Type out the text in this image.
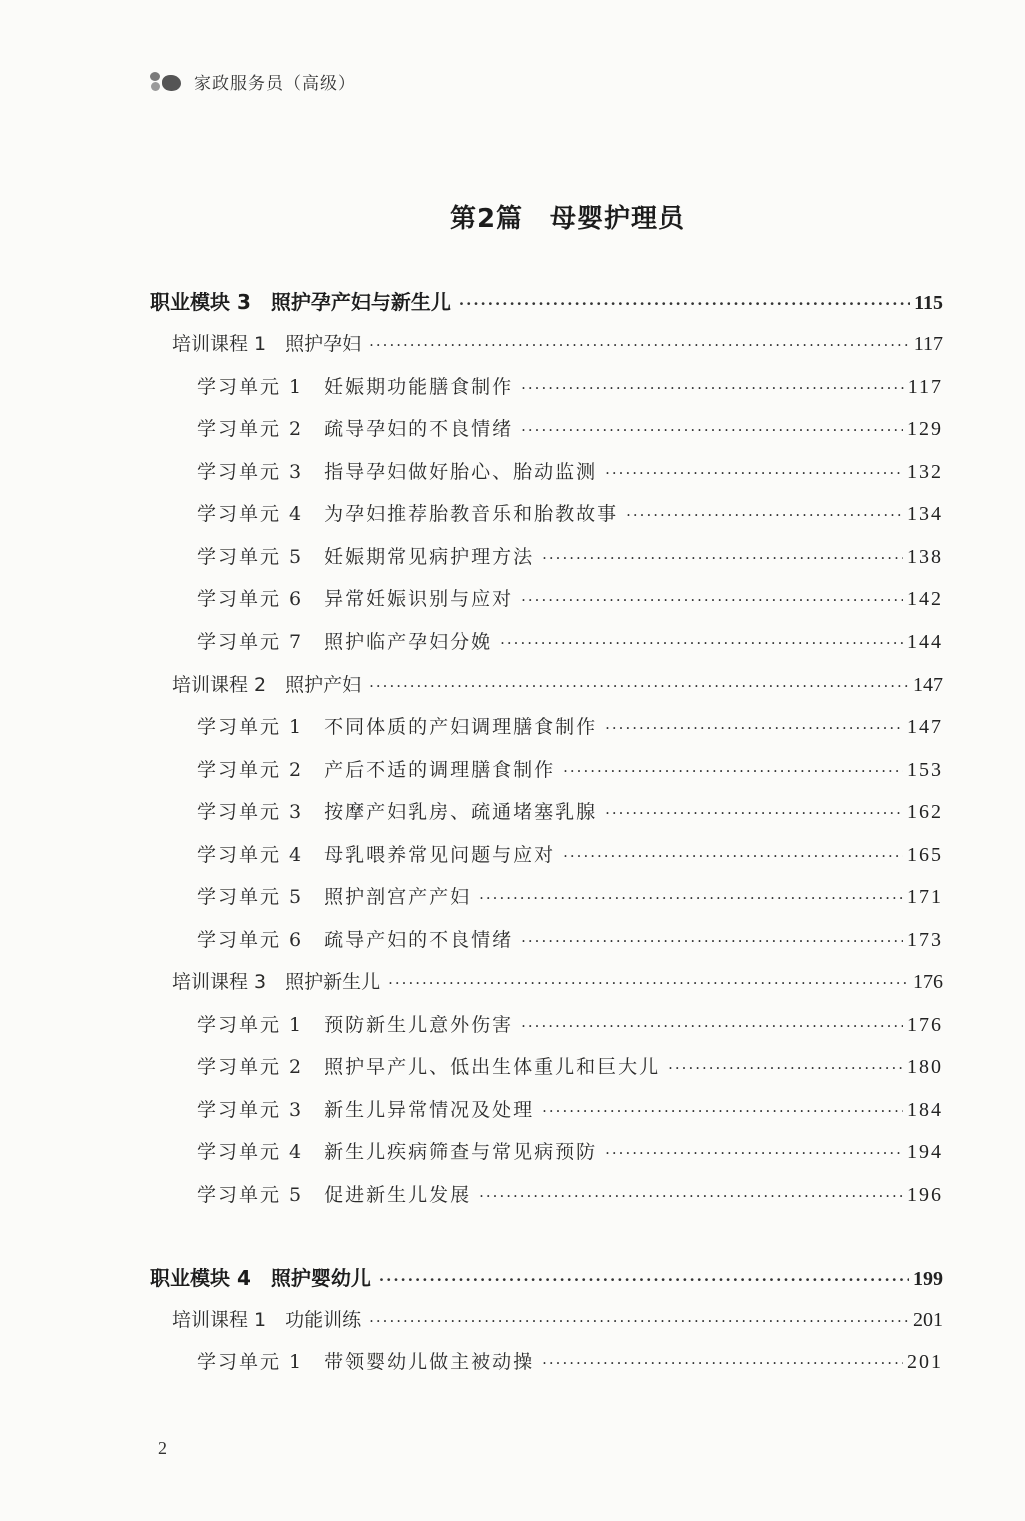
家政服务员（高级）
第2篇　母婴护理员
职业模块 3　照护孕产妇与新生儿 ·····	115
培训课程 1　照护孕妇 ·····	117
学习单元 1　妊娠期功能膳食制作 ·····	117
学习单元 2　疏导孕妇的不良情绪 ·····	129
学习单元 3　指导孕妇做好胎心、胎动监测 ·····	132
学习单元 4　为孕妇推荐胎教音乐和胎教故事 ·····	134
学习单元 5　妊娠期常见病护理方法 ·····	138
学习单元 6　异常妊娠识别与应对 ·····	142
学习单元 7　照护临产孕妇分娩 ·····	144
培训课程 2　照护产妇 ·····	147
学习单元 1　不同体质的产妇调理膳食制作 ·····	147
学习单元 2　产后不适的调理膳食制作 ·····	153
学习单元 3　按摩产妇乳房、疏通堵塞乳腺 ·····	162
学习单元 4　母乳喂养常见问题与应对 ·····	165
学习单元 5　照护剖宫产产妇 ·····	171
学习单元 6　疏导产妇的不良情绪 ·····	173
培训课程 3　照护新生儿 ·····	176
学习单元 1　预防新生儿意外伤害 ·····	176
学习单元 2　照护早产儿、低出生体重儿和巨大儿 ·····	180
学习单元 3　新生儿异常情况及处理 ·····	184
学习单元 4　新生儿疾病筛查与常见病预防 ·····	194
学习单元 5　促进新生儿发展 ·····	196
职业模块 4　照护婴幼儿 ·····	199
培训课程 1　功能训练 ·····	201
学习单元 1　带领婴幼儿做主被动操 ·····	201
2
